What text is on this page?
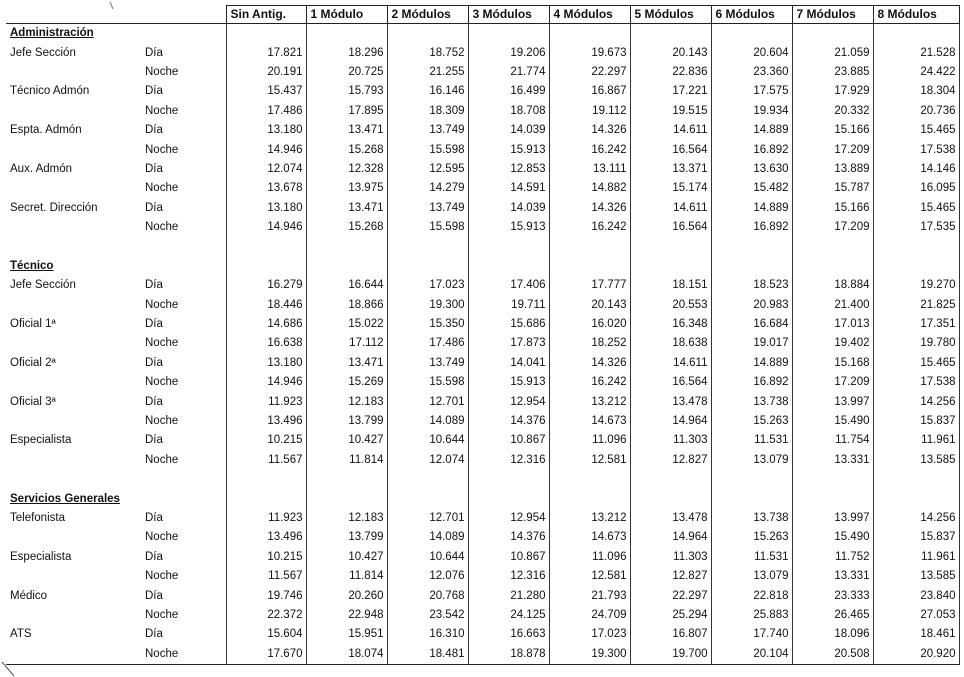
		Sin Antig.	1 Módulo	2 Módulos	3 Módulos	4 Módulos	5 Módulos	6 Módulos	7 Módulos	8 Módulos
Administración										
Jefe Sección	Día	17.821	18.296	18.752	19.206	19.673	20.143	20.604	21.059	21.528
	Noche	20.191	20.725	21.255	21.774	22.297	22.836	23.360	23.885	24.422
Técnico Admón	Día	15.437	15.793	16.146	16.499	16.867	17.221	17.575	17.929	18.304
	Noche	17.486	17.895	18.309	18.708	19.112	19.515	19.934	20.332	20.736
Espta. Admón	Día	13.180	13.471	13.749	14.039	14.326	14.611	14.889	15.166	15.465
	Noche	14.946	15.268	15.598	15.913	16.242	16.564	16.892	17.209	17.538
Aux. Admón	Día	12.074	12.328	12.595	12.853	13.111	13.371	13.630	13.889	14.146
	Noche	13.678	13.975	14.279	14.591	14.882	15.174	15.482	15.787	16.095
Secret. Dirección	Día	13.180	13.471	13.749	14.039	14.326	14.611	14.889	15.166	15.465
	Noche	14.946	15.268	15.598	15.913	16.242	16.564	16.892	17.209	17.535

Técnico										
Jefe Sección	Día	16.279	16.644	17.023	17.406	17.777	18.151	18.523	18.884	19.270
	Noche	18.446	18.866	19.300	19.711	20.143	20.553	20.983	21.400	21.825
Oficial 1ª	Día	14.686	15.022	15.350	15.686	16.020	16.348	16.684	17.013	17.351
	Noche	16.638	17.112	17.486	17.873	18.252	18.638	19.017	19.402	19.780
Oficial 2ª	Día	13.180	13.471	13.749	14.041	14.326	14.611	14.889	15.168	15.465
	Noche	14.946	15.269	15.598	15.913	16.242	16.564	16.892	17.209	17.538
Oficial 3ª	Día	11.923	12.183	12.701	12.954	13.212	13.478	13.738	13.997	14.256
	Noche	13.496	13.799	14.089	14.376	14.673	14.964	15.263	15.490	15.837
Especialista	Día	10.215	10.427	10.644	10.867	11.096	11.303	11.531	11.754	11.961
	Noche	11.567	11.814	12.074	12.316	12.581	12.827	13.079	13.331	13.585

Servicios Generales										
Telefonista	Día	11.923	12.183	12.701	12.954	13.212	13.478	13.738	13.997	14.256
	Noche	13.496	13.799	14.089	14.376	14.673	14.964	15.263	15.490	15.837
Especialista	Día	10.215	10.427	10.644	10.867	11.096	11.303	11.531	11.752	11.961
	Noche	11.567	11.814	12.076	12.316	12.581	12.827	13.079	13.331	13.585
Médico	Día	19.746	20.260	20.768	21.280	21.793	22.297	22.818	23.333	23.840
	Noche	22.372	22.948	23.542	24.125	24.709	25.294	25.883	26.465	27.053
ATS	Día	15.604	15.951	16.310	16.663	17.023	16.807	17.740	18.096	18.461
	Noche	17.670	18.074	18.481	18.878	19.300	19.700	20.104	20.508	20.920
